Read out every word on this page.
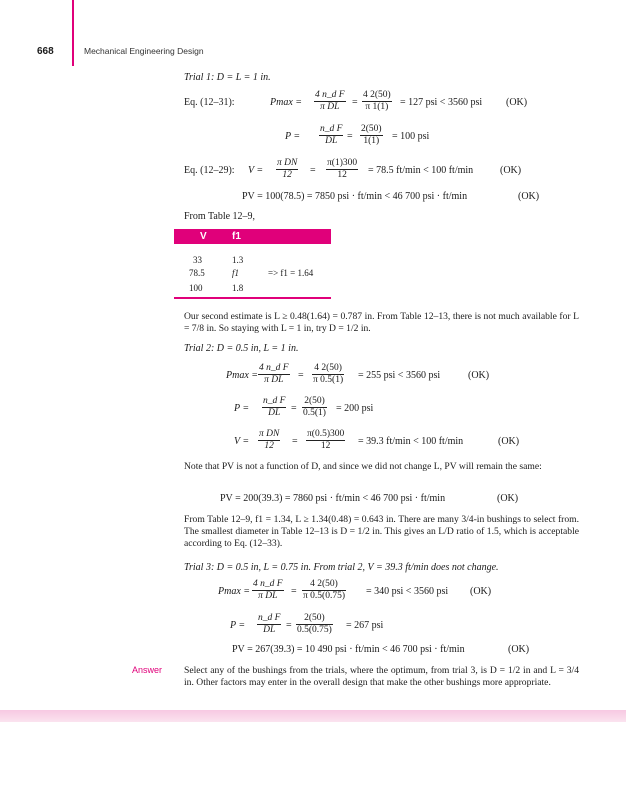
668	Mechanical Engineering Design
Trial 1: D = L = 1 in.
Eq. (12–31):	$Pmax = \frac{\text{4 n\_d F}}{\text{π DL}} = \frac{4 2(50)}{\pi 1(1)} = 127$ psi < 3560 psi (OK)
$P = \frac{\text{n\_d F}}{DL} = \frac{2(50)}{1(1)} = 100$ psi
Eq. (12–29): $V = \frac{\text{π DN}}{12} = \frac{\pi(1)300}{12} = 78.5$ ft/min < 100 ft/min	(OK)
PV = 100(78.5) = 7850 psi · ft/min < 46 700 psi · ft/min	(OK)
From Table 12–9,
V	f1
33	1.3
78.5	f1	=> f1 = 1.64
100	1.8
Our second estimate is L ≥ 0.48(1.64) = 0.787 in. From Table 12–13, there is not much available for L = 7/8 in. So staying with L = 1 in, try D = 1/2 in.
Trial 2: D = 0.5 in, L = 1 in.
$Pmax = \frac{\text{4 n\_d F}}{\text{π DL}} = \frac{4 2(50)}{\pi 0.5(1)} = 255$ psi < 3560 psi	(OK)
$P = \frac{\text{n\_d F}}{DL} = \frac{2(50)}{0.5(1)} = 200$ psi
$V = \frac{\text{π DN}}{12} = \frac{\pi(0.5)300}{12} = 39.3$ ft/min < 100 ft/min	(OK)
Note that PV is not a function of D, and since we did not change L, PV will remain the same:
PV = 200(39.3) = 7860 psi · ft/min < 46 700 psi · ft/min	(OK)
From Table 12–9, f1 = 1.34, L ≥ 1.34(0.48) = 0.643 in. There are many 3/4-in bushings to select from. The smallest diameter in Table 12–13 is D = 1/2 in. This gives an L/D ratio of 1.5, which is acceptable according to Eq. (12–33).
Trial 3: D = 0.5 in, L = 0.75 in. From trial 2, V = 39.3 ft/min does not change.
$Pmax = \frac{\text{4 n\_d F}}{\text{π DL}} = \frac{4 2(50)}{\pi 0.5(0.75)} = 340$ psi < 3560 psi (OK)
$P = \frac{\text{n\_d F}}{DL} = \frac{2(50)}{0.5(0.75)} = 267$ psi
PV = 267(39.3) = 10 490 psi · ft/min < 46 700 psi · ft/min	(OK)
Answer Select any of the bushings from the trials, where the optimum, from trial 3, is D = 1/2 in and L = 3/4 in. Other factors may enter in the overall design that make the other bushings more appropriate.
